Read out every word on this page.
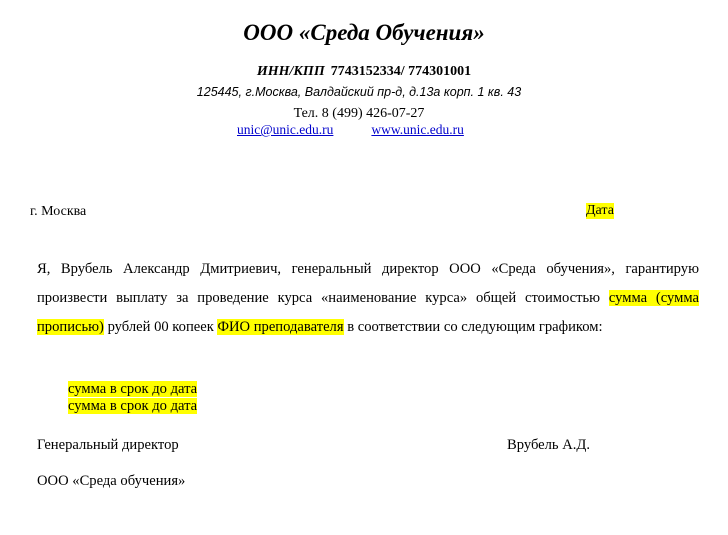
ООО «Среда Обучения»
ИНН/КПП 7743152334/ 774301001
125445, г.Москва, Валдайский пр-д, д.13а корп. 1 кв. 43
Тел. 8 (499) 426-07-27
unic@unic.edu.ru	www.unic.edu.ru
г. Москва	Дата
Я, Врубель Александр Дмитриевич, генеральный директор ООО «Среда обучения», гарантирую произвести выплату за проведение курса «наименование курса» общей стоимостью сумма (сумма прописью) рублей 00 копеек ФИО преподавателя в соответствии со следующим графиком:
сумма в срок до дата
сумма в срок до дата
Генеральный директор	Врубель А.Д.
ООО «Среда обучения»
